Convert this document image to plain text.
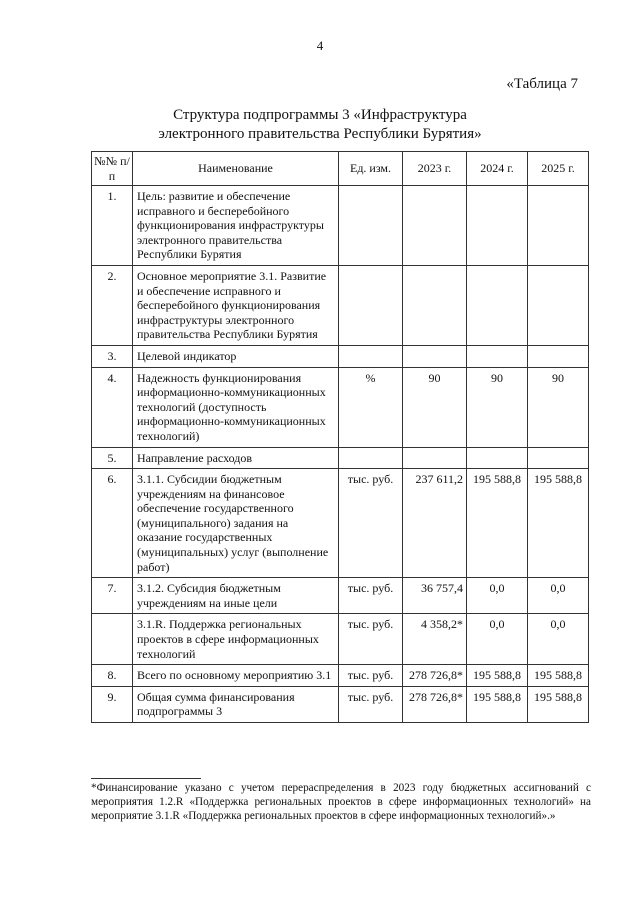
4
«Таблица 7
Структура подпрограммы 3 «Инфраструктура
электронного правительства Республики Бурятия»
№№ п/п	Наименование	Ед. изм.	2023 г.	2024 г.	2025 г.
1.	Цель: развитие и обеспечение исправного и бесперебойного функционирования инфраструктуры электронного правительства Республики Бурятия				
2.	Основное мероприятие 3.1. Развитие и обеспечение исправного и бесперебойного функционирования инфраструктуры электронного правительства Республики Бурятия				
3.	Целевой индикатор				
4.	Надежность функционирования информационно-коммуникационных технологий (доступность информационно-коммуникационных технологий)	%	90	90	90
5.	Направление расходов				
6.	3.1.1. Субсидии бюджетным учреждениям на финансовое обеспечение государственного (муниципального) задания на оказание государственных (муниципальных) услуг (выполнение работ)	тыс. руб.	237 611,2	195 588,8	195 588,8
7.	3.1.2. Субсидия бюджетным учреждениям на иные цели	тыс. руб.	36 757,4	0,0	0,0
	3.1.R. Поддержка региональных проектов в сфере информационных технологий	тыс. руб.	4 358,2*	0,0	0,0
8.	Всего по основному мероприятию 3.1	тыс. руб.	278 726,8*	195 588,8	195 588,8
9.	Общая сумма финансирования подпрограммы 3	тыс. руб.	278 726,8*	195 588,8	195 588,8
*Финансирование указано с учетом перераспределения в 2023 году бюджетных ассигнований с мероприятия 1.2.R «Поддержка региональных проектов в сфере информационных технологий» на мероприятие 3.1.R «Поддержка региональных проектов в сфере информационных технологий».»
